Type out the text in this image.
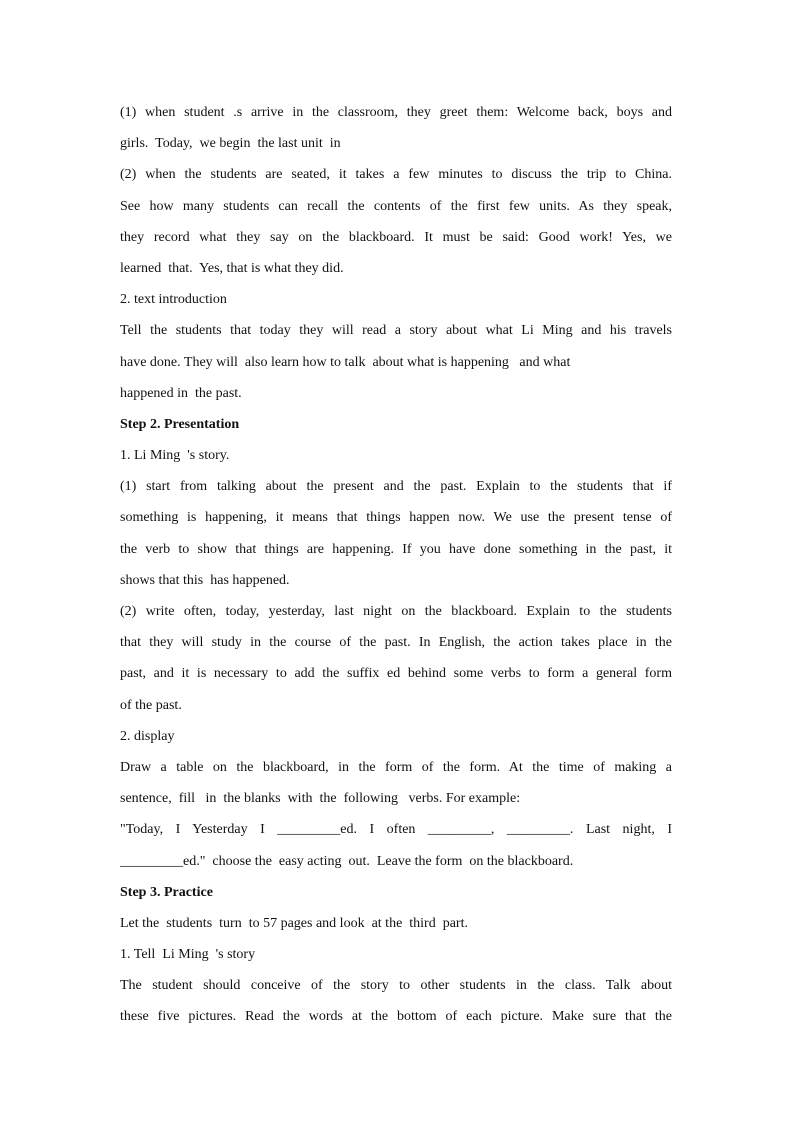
(1) when student .s arrive in the classroom, they greet them: Welcome back, boys and
girls.  Today,  we begin  the last unit  in
(2) when the students are seated, it takes a few minutes to discuss the trip to China.
See how many students can recall the contents of the first few units. As they speak,
they record what they say on the blackboard. It must be said: Good work! Yes, we
learned  that.  Yes, that is what they did.
2. text introduction
Tell the students that today they will read a story about what Li Ming and his travels
have done. They will  also learn how to talk  about what is happening   and what
happened in  the past.
Step 2. Presentation
1. Li Ming  's story.
(1) start from talking about the present and the past. Explain to the students that if
something is happening, it means that things happen now. We use the present tense of
the verb to show that things are happening. If you have done something in the past, it
shows that this  has happened.
(2) write often, today, yesterday, last night on the blackboard. Explain to the students
that they will study in the course of the past. In English, the action takes place in the
past, and it is necessary to add the suffix ed behind some verbs to form a general form
of the past.
2. display
Draw a table on the blackboard, in the form of the form. At the time of making a
sentence,  fill   in  the blanks  with  the  following   verbs. For example:
"Today, I Yesterday I _________ed. I often _________, _________. Last night, I
_________ed."  choose the  easy acting  out.  Leave the form  on the blackboard.
Step 3. Practice
Let the  students  turn  to 57 pages and look  at the  third  part.
1. Tell  Li Ming  's story
The student should conceive of the story to other students in the class. Talk about
these five pictures. Read the words at the bottom of each picture. Make sure that the
